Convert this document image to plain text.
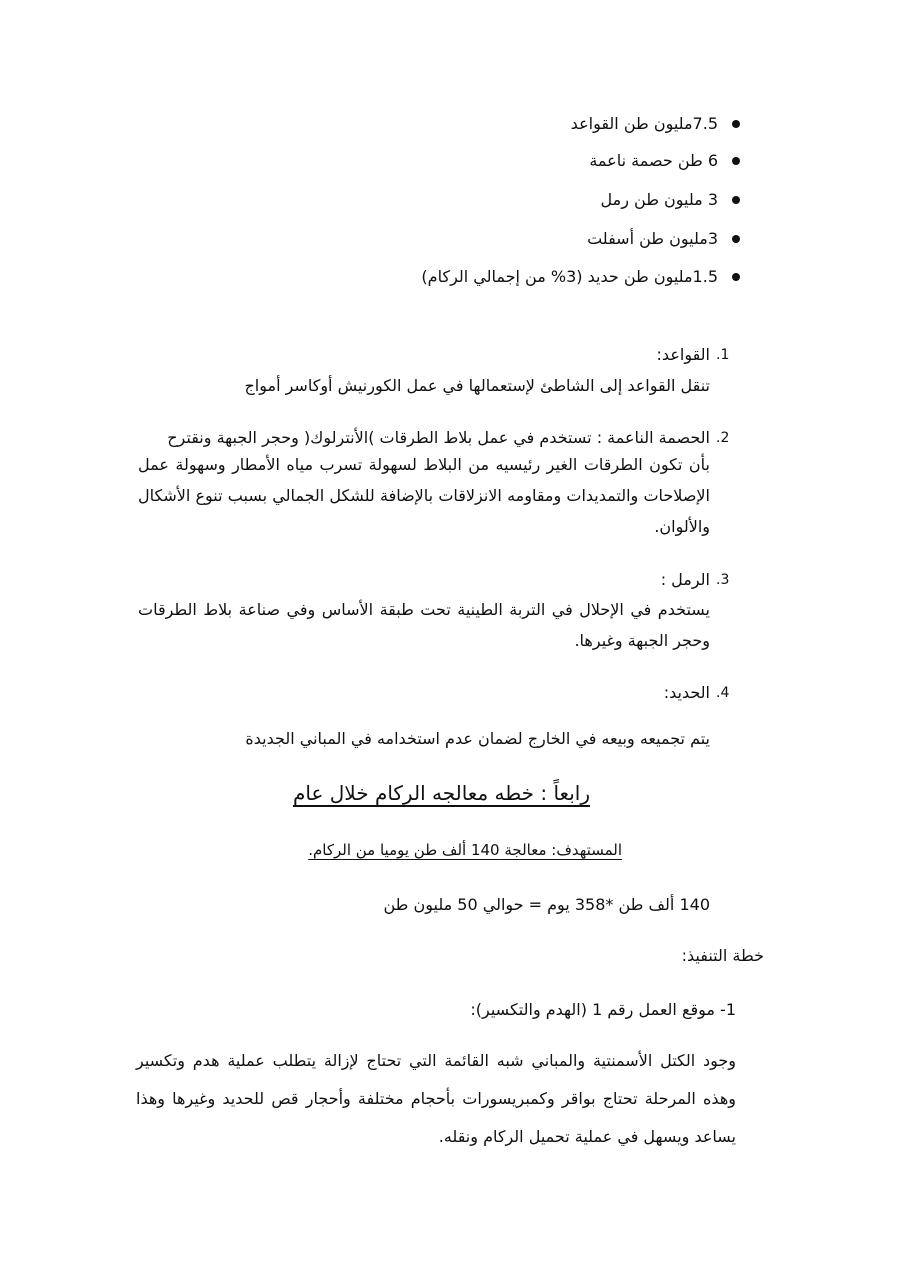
7.5مليون طن القواعد
6 طن حصمة ناعمة
3 مليون طن رمل
3مليون طن أسفلت
1.5مليون طن حديد (3% من إجمالي الركام)
1.
القواعد:
تنقل القواعد إلى الشاطئ لإستعمالها في عمل الكورنيش أوكاسر أمواج
2.
الحصمة الناعمة : تستخدم في عمل بلاط الطرقات )الأنترلوك( وحجر الجبهة ونقترح
بأن تكون الطرقات الغير رئيسيه من البلاط لسهولة تسرب مياه الأمطار وسهولة عمل الإصلاحات والتمديدات ومقاومه الانزلاقات بالإضافة للشكل الجمالي بسبب تنوع الأشكال والألوان.
3.
الرمل :
يستخدم في الإحلال في التربة الطينية تحت طبقة الأساس وفي صناعة بلاط الطرقات وحجر الجبهة وغيرها.
4.
الحديد:
يتم تجميعه وبيعه في الخارج لضمان عدم استخدامه في المباني الجديدة
رابعاً : خطه معالجه الركام خلال عام
المستهدف: معالجة 140 ألف طن يوميا من الركام.
140 ألف طن *358 يوم = حوالي 50 مليون طن
خطة التنفيذ:
1- موقع العمل رقم 1 (الهدم والتكسير):
وجود الكتل الأسمنتية والمباني شبه القائمة التي تحتاج لإزالة يتطلب عملية هدم وتكسير وهذه المرحلة تحتاج بواقر وكمبريسورات بأحجام مختلفة وأحجار قص للحديد وغيرها وهذا يساعد ويسهل في عملية تحميل الركام ونقله.
